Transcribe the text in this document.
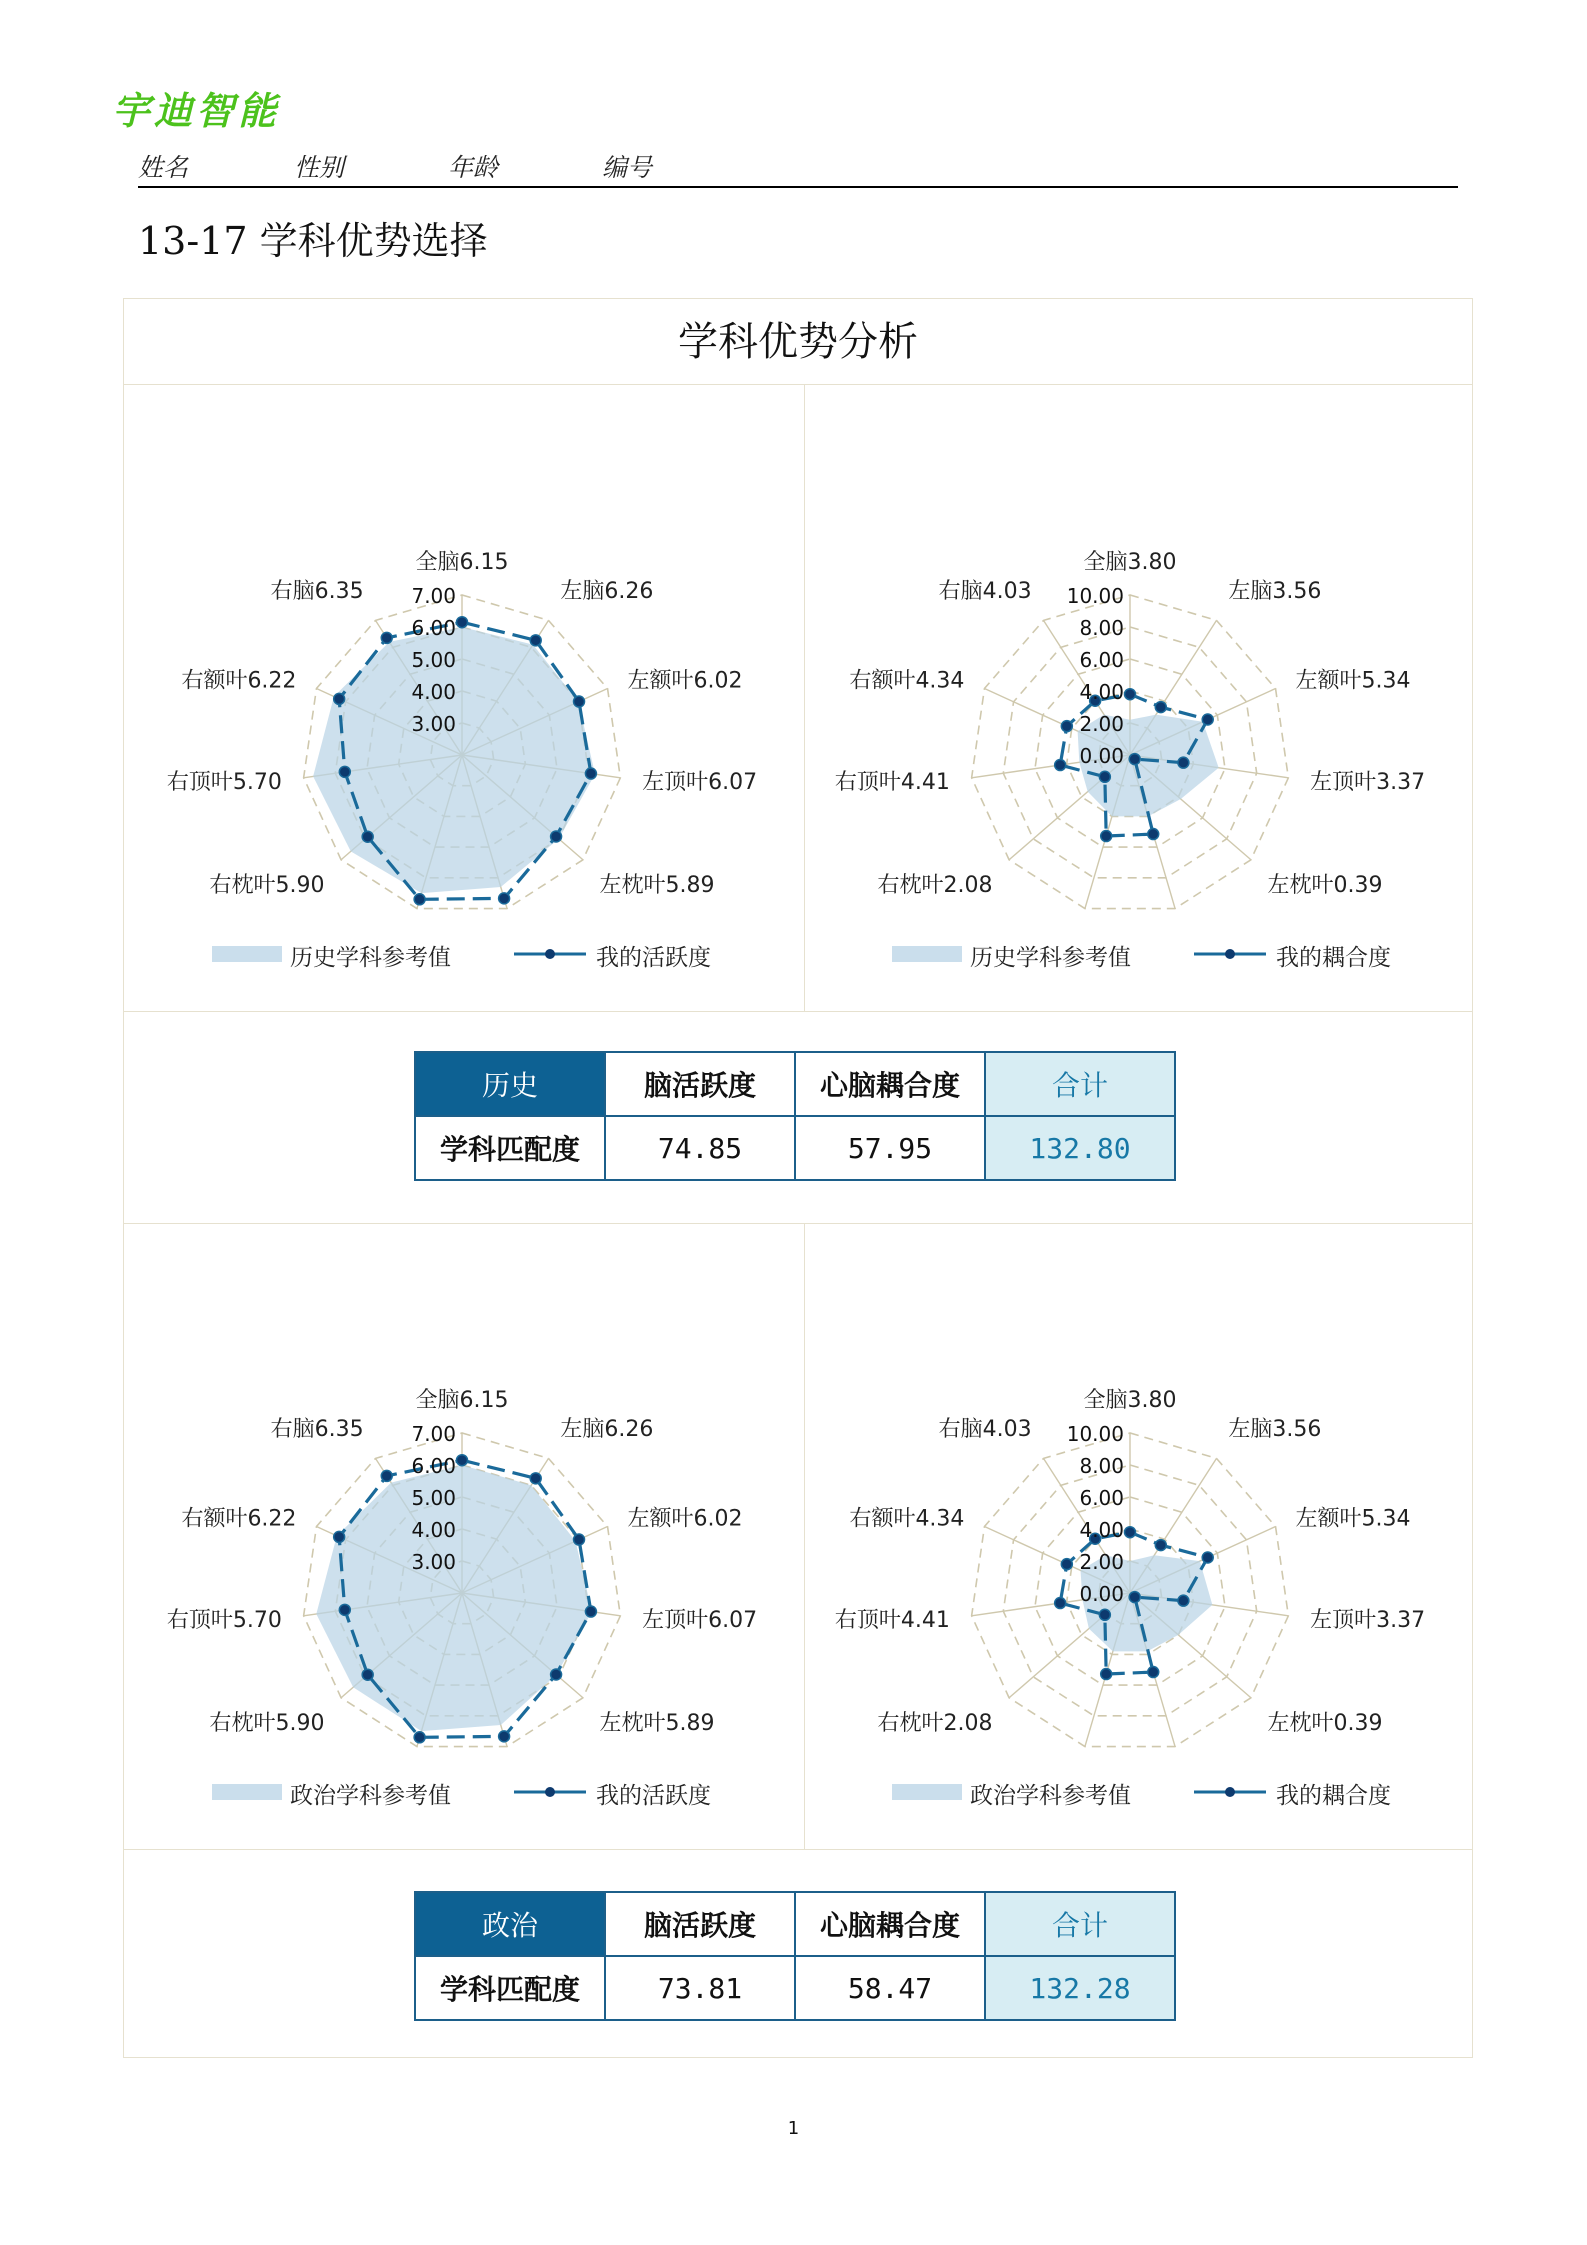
宇迪智能
姓名	性别	年龄	编号
13-17 学科优势选择
学科优势分析
3.00
4.00
5.00
6.00
7.00
全脑6.15
左脑6.26
左额叶6.02
左顶叶6.07
左枕叶5.89
右枕叶5.90
右顶叶5.70
右额叶6.22
右脑6.35
历史学科参考值	我的活跃度
0.00
2.00
4.00
6.00
8.00
10.00
全脑3.80
左脑3.56
左额叶5.34
左顶叶3.37
左枕叶0.39
右枕叶2.08
右顶叶4.41
右额叶4.34
右脑4.03
历史学科参考值	我的耦合度
历史	脑活跃度	心脑耦合度	合计
学科匹配度	74.85	57.95	132.80
3.00
4.00
5.00
6.00
7.00
全脑6.15
左脑6.26
左额叶6.02
左顶叶6.07
左枕叶5.89
右枕叶5.90
右顶叶5.70
右额叶6.22
右脑6.35
政治学科参考值	我的活跃度
0.00
2.00
4.00
6.00
8.00
10.00
全脑3.80
左脑3.56
左额叶5.34
左顶叶3.37
左枕叶0.39
右枕叶2.08
右顶叶4.41
右额叶4.34
右脑4.03
政治学科参考值	我的耦合度
政治	脑活跃度	心脑耦合度	合计
学科匹配度	73.81	58.47	132.28
1
